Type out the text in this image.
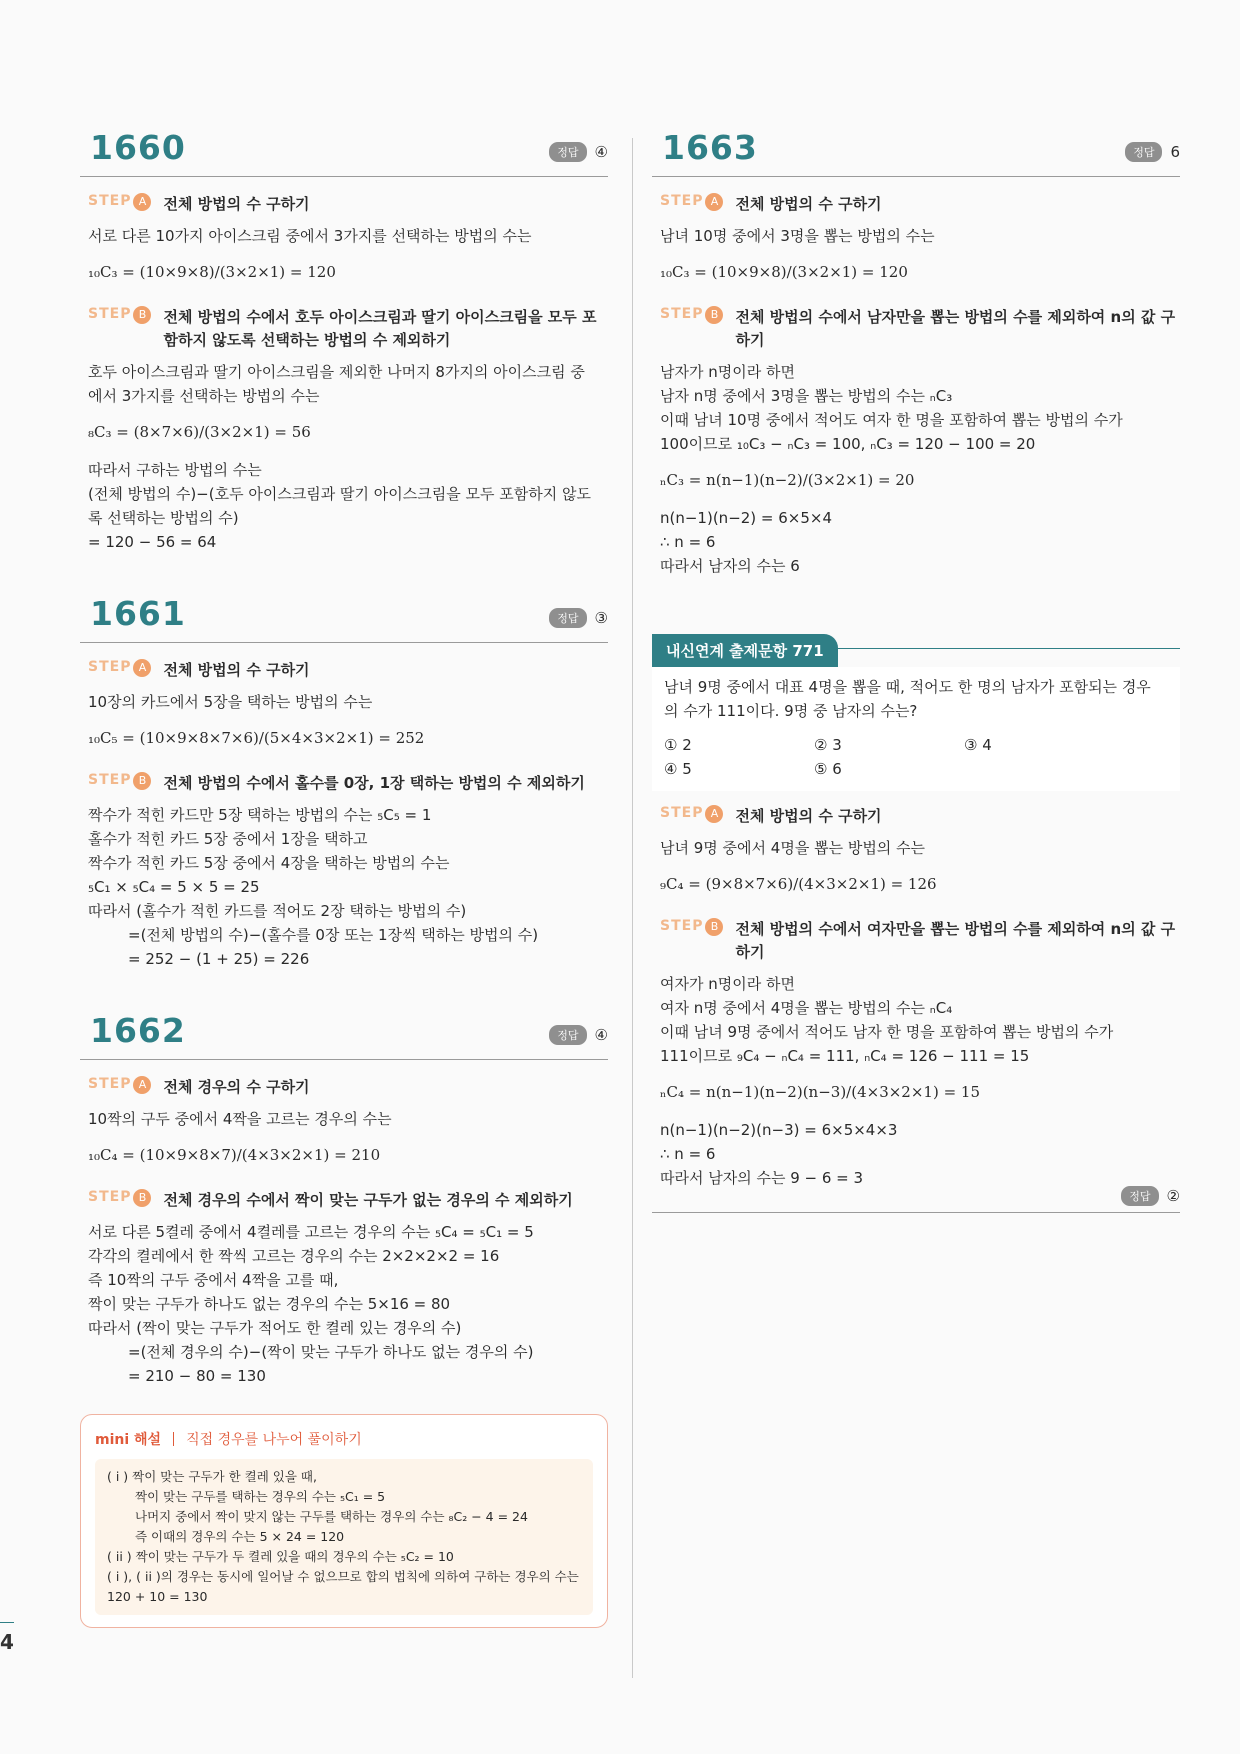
1660	정답	④
STEP A	전체 방법의 수 구하기
서로 다른 10가지 아이스크림 중에서 3가지를 선택하는 방법의 수는
₁₀C₃ = (10×9×8)/(3×2×1) = 120
STEP B	전체 방법의 수에서 호두 아이스크림과 딸기 아이스크림을 모두 포함하지 않도록 선택하는 방법의 수 제외하기
호두 아이스크림과 딸기 아이스크림을 제외한 나머지 8가지의 아이스크림 중
에서 3가지를 선택하는 방법의 수는
₈C₃ = (8×7×6)/(3×2×1) = 56
따라서 구하는 방법의 수는
(전체 방법의 수)−(호두 아이스크림과 딸기 아이스크림을 모두 포함하지 않도
록 선택하는 방법의 수)
= 120 − 56 = 64
1661	정답	③
STEP A	전체 방법의 수 구하기
10장의 카드에서 5장을 택하는 방법의 수는
₁₀C₅ = (10×9×8×7×6)/(5×4×3×2×1) = 252
STEP B	전체 방법의 수에서 홀수를 0장, 1장 택하는 방법의 수 제외하기
짝수가 적힌 카드만 5장 택하는 방법의 수는 ₅C₅ = 1
홀수가 적힌 카드 5장 중에서 1장을 택하고
짝수가 적힌 카드 5장 중에서 4장을 택하는 방법의 수는
₅C₁ × ₅C₄ = 5 × 5 = 25
따라서 (홀수가 적힌 카드를 적어도 2장 택하는 방법의 수)
=(전체 방법의 수)−(홀수를 0장 또는 1장씩 택하는 방법의 수)
= 252 − (1 + 25) = 226
1662	정답	④
STEP A	전체 경우의 수 구하기
10짝의 구두 중에서 4짝을 고르는 경우의 수는
₁₀C₄ = (10×9×8×7)/(4×3×2×1) = 210
STEP B	전체 경우의 수에서 짝이 맞는 구두가 없는 경우의 수 제외하기
서로 다른 5켤레 중에서 4켤레를 고르는 경우의 수는 ₅C₄ = ₅C₁ = 5
각각의 켤레에서 한 짝씩 고르는 경우의 수는 2×2×2×2 = 16
즉 10짝의 구두 중에서 4짝을 고를 때,
짝이 맞는 구두가 하나도 없는 경우의 수는 5×16 = 80
따라서 (짝이 맞는 구두가 적어도 한 켤레 있는 경우의 수)
=(전체 경우의 수)−(짝이 맞는 구두가 하나도 없는 경우의 수)
= 210 − 80 = 130
mini 해설 직접 경우를 나누어 풀이하기
( i ) 짝이 맞는 구두가 한 켤레 있을 때,
짝이 맞는 구두를 택하는 경우의 수는 ₅C₁ = 5
나머지 중에서 짝이 맞지 않는 구두를 택하는 경우의 수는 ₈C₂ − 4 = 24
즉 이때의 경우의 수는 5 × 24 = 120
( ii ) 짝이 맞는 구두가 두 켤레 있을 때의 경우의 수는 ₅C₂ = 10
( i ), ( ii )의 경우는 동시에 일어날 수 없으므로 합의 법칙에 의하여 구하는 경우의 수는
120 + 10 = 130
1663	정답	6
STEP A	전체 방법의 수 구하기
남녀 10명 중에서 3명을 뽑는 방법의 수는
₁₀C₃ = (10×9×8)/(3×2×1) = 120
STEP B	전체 방법의 수에서 남자만을 뽑는 방법의 수를 제외하여 n의 값 구하기
남자가 n명이라 하면
남자 n명 중에서 3명을 뽑는 방법의 수는 ₙC₃
이때 남녀 10명 중에서 적어도 여자 한 명을 포함하여 뽑는 방법의 수가
100이므로 ₁₀C₃ − ₙC₃ = 100, ₙC₃ = 120 − 100 = 20
ₙC₃ = n(n−1)(n−2)/(3×2×1) = 20
n(n−1)(n−2) = 6×5×4
∴ n = 6
따라서 남자의 수는 6
내신연계 출제문항 771
남녀 9명 중에서 대표 4명을 뽑을 때, 적어도 한 명의 남자가 포함되는 경우
의 수가 111이다. 9명 중 남자의 수는?
① 2	② 3	③ 4
④ 5	⑤ 6
STEP A	전체 방법의 수 구하기
남녀 9명 중에서 4명을 뽑는 방법의 수는
₉C₄ = (9×8×7×6)/(4×3×2×1) = 126
STEP B	전체 방법의 수에서 여자만을 뽑는 방법의 수를 제외하여 n의 값 구하기
여자가 n명이라 하면
여자 n명 중에서 4명을 뽑는 방법의 수는 ₙC₄
이때 남녀 9명 중에서 적어도 남자 한 명을 포함하여 뽑는 방법의 수가
111이므로 ₉C₄ − ₙC₄ = 111, ₙC₄ = 126 − 111 = 15
ₙC₄ = n(n−1)(n−2)(n−3)/(4×3×2×1) = 15
n(n−1)(n−2)(n−3) = 6×5×4×3
∴ n = 6
따라서 남자의 수는 9 − 6 = 3
정답	②
4
